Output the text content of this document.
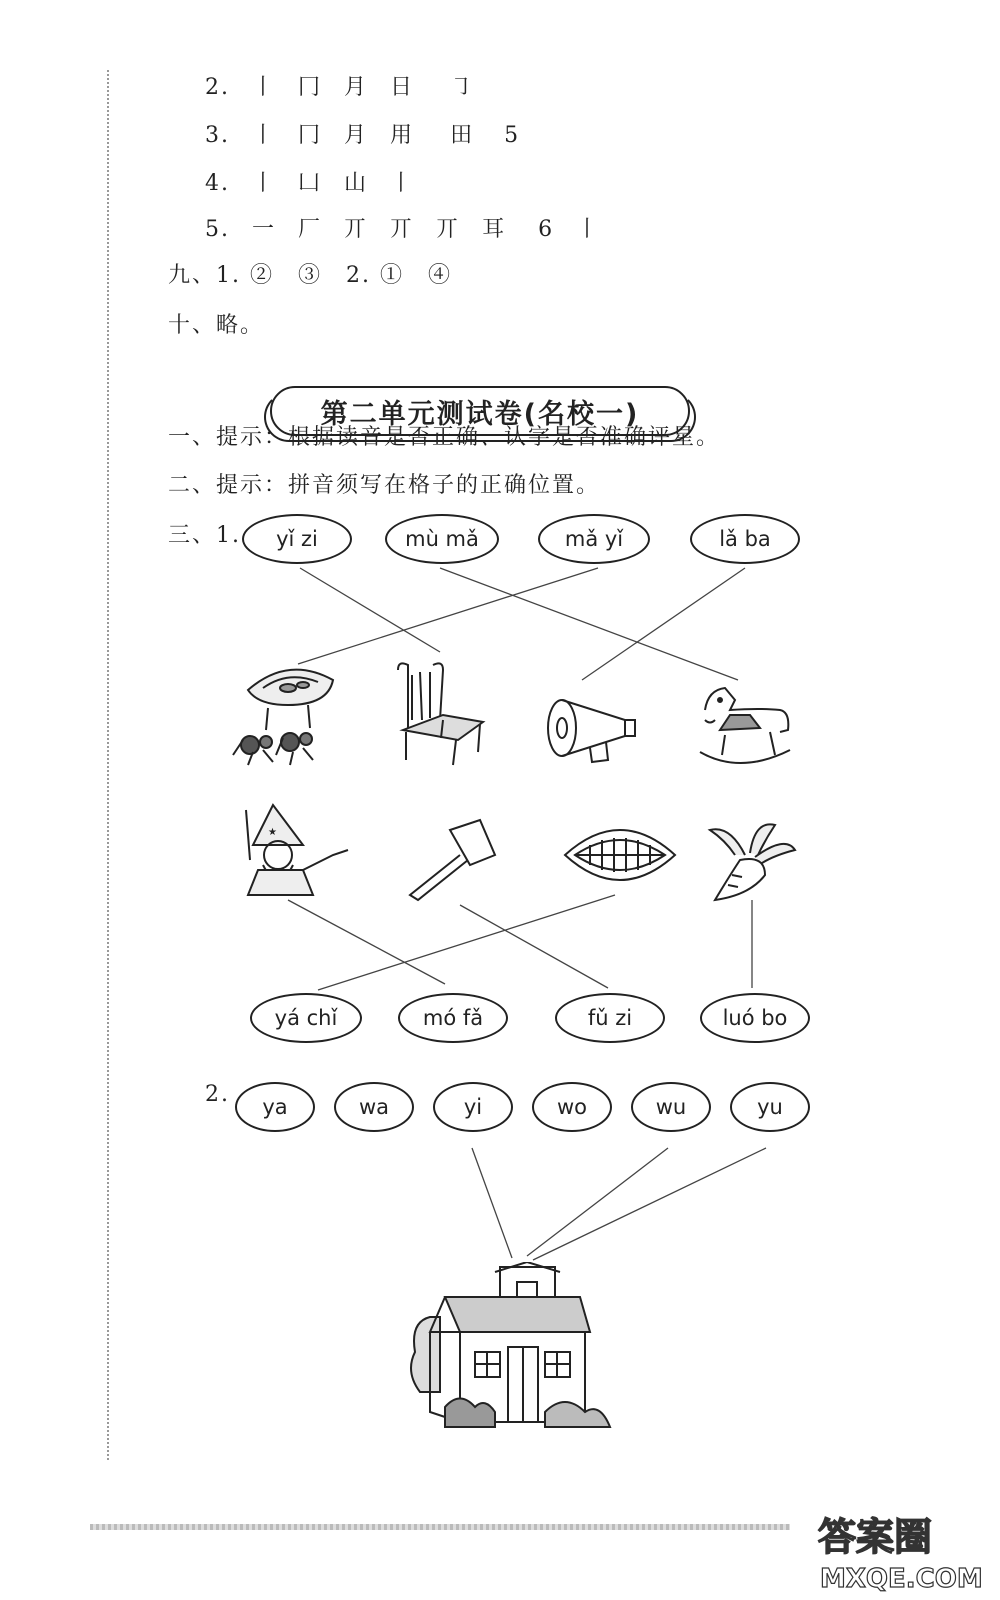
2. 丨 冂 月 日 ㇆
3. 丨 冂 月 用 田 5
4. 丨 凵 山 丨
5. 一 厂 丌 丌 丌 耳 6 丨
九、1. ②　③　2. ①　④
十、略。
第二单元测试卷(名校一)
一、提示：根据读音是否正确、认字是否准确评星。
二、提示：拼音须写在格子的正确位置。
三、1.	yǐ zi	mù mǎ	mǎ yǐ	lǎ ba
★
yá chǐ	mó fǎ	fǔ zi	luó bo
2.	ya	wa	yi	wo	wu	yu
答案圈
MXQE.COM
